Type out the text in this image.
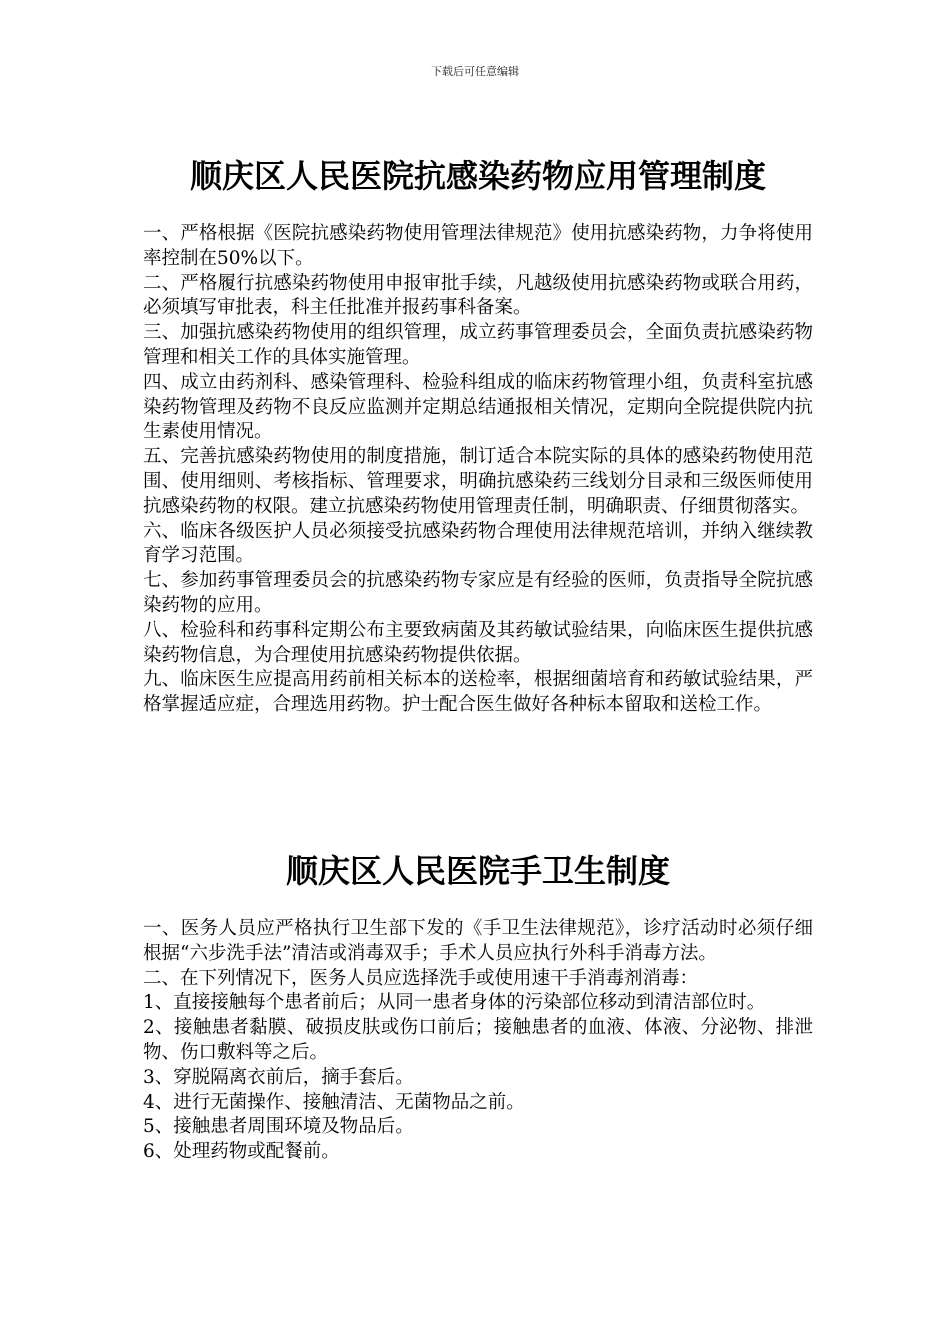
下载后可任意编辑
顺庆区人民医院抗感染药物应用管理制度

一、严格根据《医院抗感染药物使用管理法律规范》使用抗感染药物，力争将使用率控制在50%以下。

二、严格履行抗感染药物使用申报审批手续，凡越级使用抗感染药物或联合用药，必须填写审批表，科主任批准并报药事科备案。

三、加强抗感染药物使用的组织管理，成立药事管理委员会，全面负责抗感染药物管理和相关工作的具体实施管理。

四、成立由药剂科、感染管理科、检验科组成的临床药物管理小组，负责科室抗感染药物管理及药物不良反应监测并定期总结通报相关情况，定期向全院提供院内抗生素使用情况。

五、完善抗感染药物使用的制度措施，制订适合本院实际的具体的感染药物使用范围、使用细则、考核指标、管理要求，明确抗感染药三线划分目录和三级医师使用抗感染药物的权限。建立抗感染药物使用管理责任制，明确职责、仔细贯彻落实。

六、临床各级医护人员必须接受抗感染药物合理使用法律规范培训，并纳入继续教育学习范围。

七、参加药事管理委员会的抗感染药物专家应是有经验的医师，负责指导全院抗感染药物的应用。

八、检验科和药事科定期公布主要致病菌及其药敏试验结果，向临床医生提供抗感染药物信息，为合理使用抗感染药物提供依据。

九、临床医生应提高用药前相关标本的送检率，根据细菌培育和药敏试验结果，严格掌握适应症，合理选用药物。护士配合医生做好各种标本留取和送检工作。

顺庆区人民医院手卫生制度

一、医务人员应严格执行卫生部下发的《手卫生法律规范》，诊疗活动时必须仔细根据“六步洗手法”清洁或消毒双手；手术人员应执行外科手消毒方法。

二、在下列情况下，医务人员应选择洗手或使用速干手消毒剂消毒：

1、直接接触每个患者前后；从同一患者身体的污染部位移动到清洁部位时。

2、接触患者黏膜、破损皮肤或伤口前后；接触患者的血液、体液、分泌物、排泄物、伤口敷料等之后。

3、穿脱隔离衣前后，摘手套后。

4、进行无菌操作、接触清洁、无菌物品之前。

5、接触患者周围环境及物品后。

6、处理药物或配餐前。
